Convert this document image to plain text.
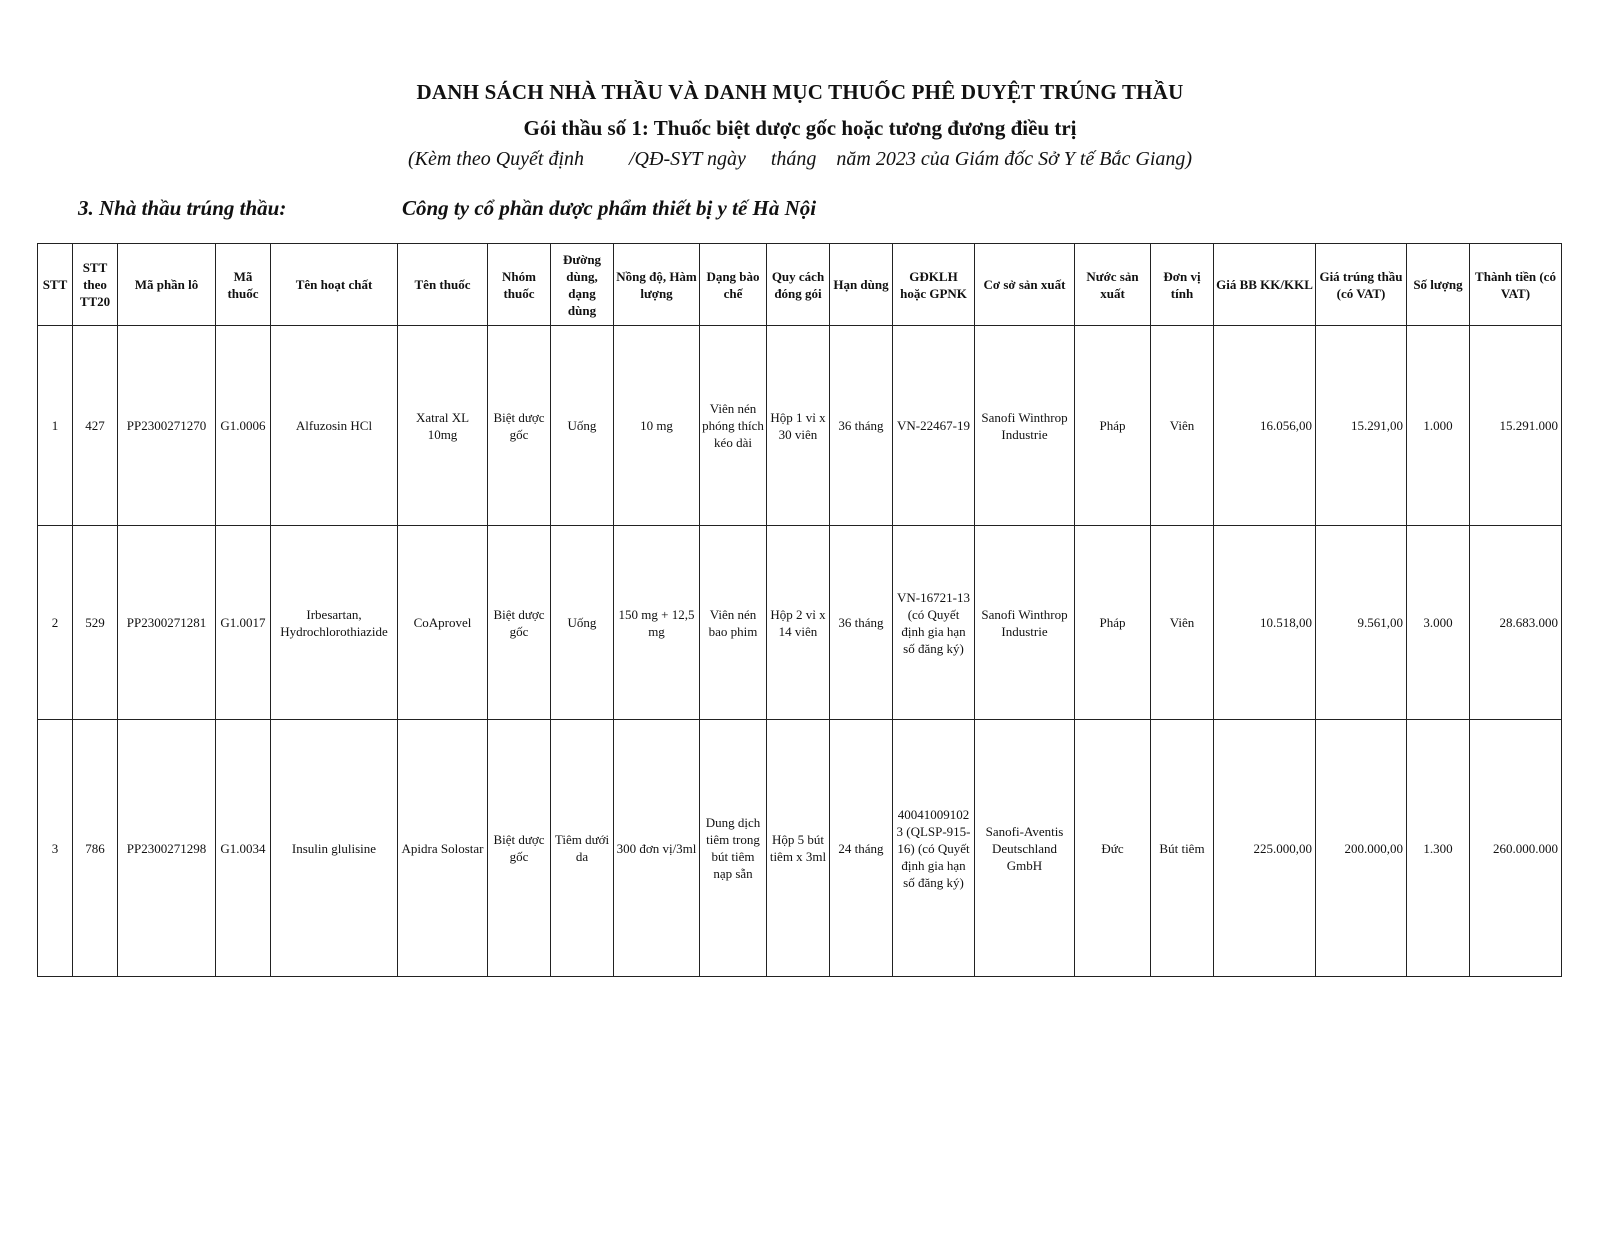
DANH SÁCH NHÀ THẦU VÀ DANH MỤC THUỐC PHÊ DUYỆT TRÚNG THẦU
Gói thầu số 1: Thuốc biệt dược gốc hoặc tương đương điều trị
(Kèm theo Quyết định         /QĐ-SYT ngày     tháng    năm 2023 của Giám đốc Sở Y tế Bắc Giang)
3. Nhà thầu trúng thầu:	Công ty cổ phần dược phẩm thiết bị y tế Hà Nội
STT	STT theo TT20	Mã phần lô	Mã thuốc	Tên hoạt chất	Tên thuốc	Nhóm thuốc	Đường dùng, dạng dùng	Nồng độ, Hàm lượng	Dạng bào chế	Quy cách đóng gói	Hạn dùng	GĐKLH hoặc GPNK	Cơ sở sản xuất	Nước sản xuất	Đơn vị tính	Giá BB KK/KKL	Giá trúng thầu (có VAT)	Số lượng	Thành tiền (có VAT)
1	427	PP2300271270	G1.0006	Alfuzosin HCl	Xatral XL 10mg	Biệt dược gốc	Uống	10 mg	Viên nén phóng thích kéo dài	Hộp 1 vỉ x 30 viên	36 tháng	VN-22467-19	Sanofi Winthrop Industrie	Pháp	Viên	16.056,00	15.291,00	1.000	15.291.000
2	529	PP2300271281	G1.0017	Irbesartan, Hydrochlorothiazide	CoAprovel	Biệt dược gốc	Uống	150 mg + 12,5 mg	Viên nén bao phim	Hộp 2 vỉ x 14 viên	36 tháng	VN-16721-13 (có Quyết định gia hạn số đăng ký)	Sanofi Winthrop Industrie	Pháp	Viên	10.518,00	9.561,00	3.000	28.683.000
3	786	PP2300271298	G1.0034	Insulin glulisine	Apidra Solostar	Biệt dược gốc	Tiêm dưới da	300 đơn vị/3ml	Dung dịch tiêm trong bút tiêm nạp sẵn	Hộp 5 bút tiêm x 3ml	24 tháng	400410091023 (QLSP-915-16) (có Quyết định gia hạn số đăng ký)	Sanofi-Aventis Deutschland GmbH	Đức	Bút tiêm	225.000,00	200.000,00	1.300	260.000.000
